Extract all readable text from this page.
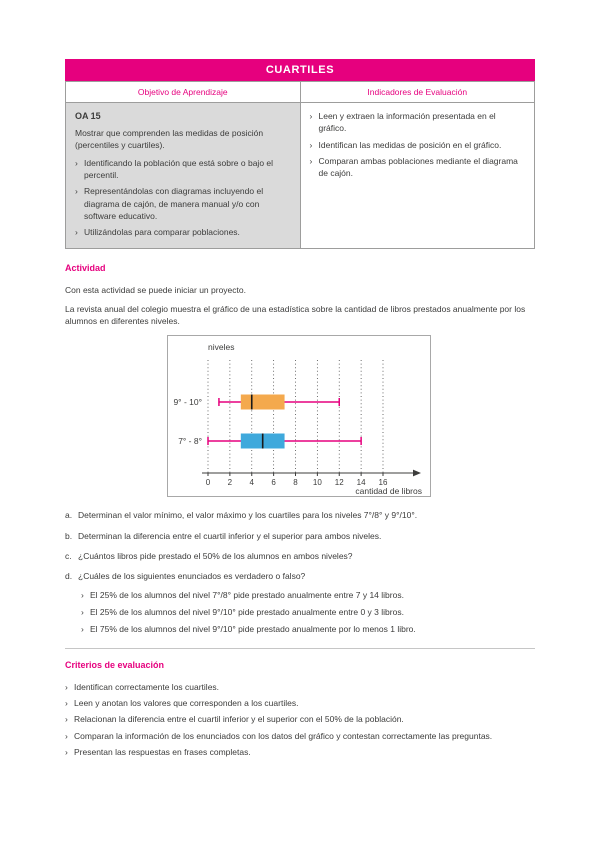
CUARTILES
Objetivo de Aprendizaje	Indicadores de Evaluación

OA 15
Mostrar que comprenden las medidas de posición (percentiles y cuartiles).
› Identificando la población que está sobre o bajo el percentil.
› Representándolas con diagramas incluyendo el diagrama de cajón, de manera manual y/o con software educativo.
› Utilizándolas para comparar poblaciones.

› Leen y extraen la información presentada en el gráfico.
› Identifican las medidas de posición en el gráfico.
› Comparan ambas poblaciones mediante el diagrama de cajón.
Actividad

Con esta actividad se puede iniciar un proyecto.

La revista anual del colegio muestra el gráfico de una estadística sobre la cantidad de libros prestados anualmente por los alumnos en diferentes niveles.

9° - 10°
7° - 8°
0 2 4 6 8 10 12 14 16
niveles
cantidad de libros
a. Determinan el valor mínimo, el valor máximo y los cuartiles para los niveles 7°/8° y 9°/10°.
b. Determinan la diferencia entre el cuartil inferior y el superior para ambos niveles.
c. ¿Cuántos libros pide prestado el 50% de los alumnos en ambos niveles?
d. ¿Cuáles de los siguientes enunciados es verdadero o falso?
› El 25% de los alumnos del nivel 7°/8° pide prestado anualmente entre 7 y 14 libros.
› El 25% de los alumnos del nivel 9°/10° pide prestado anualmente entre 0 y 3 libros.
› El 75% de los alumnos del nivel 9°/10° pide prestado anualmente por lo menos 1 libro.
Criterios de evaluación
› Identifican correctamente los cuartiles.
› Leen y anotan los valores que corresponden a los cuartiles.
› Relacionan la diferencia entre el cuartil inferior y el superior con el 50% de la población.
› Comparan la información de los enunciados con los datos del gráfico y contestan correctamente las preguntas.
› Presentan las respuestas en frases completas.
